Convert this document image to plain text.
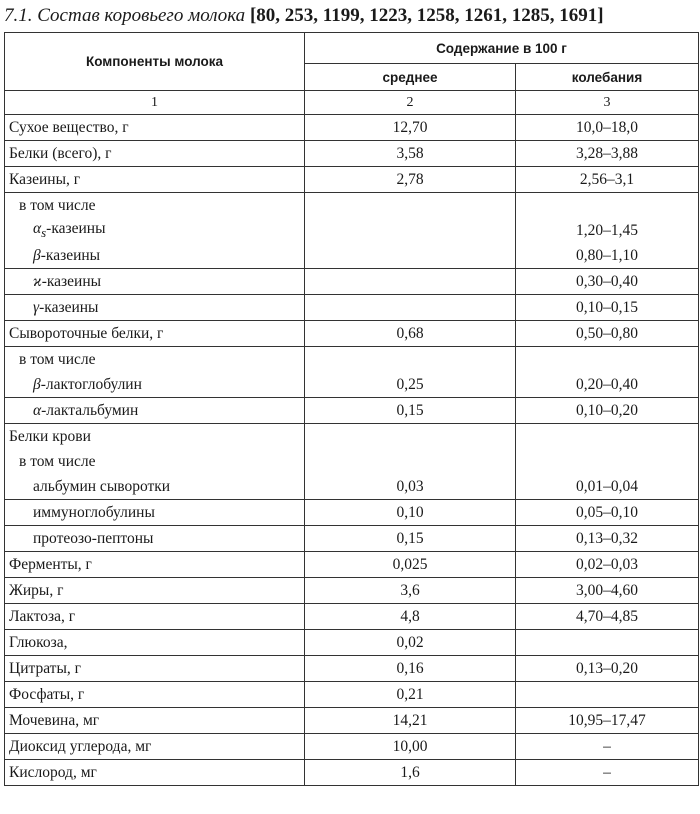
7.1. Состав коровьего молока [80, 253, 1199, 1223, 1258, 1261, 1285, 1691]
Компоненты молока	Содержание в 100 г	
	среднее	колебания
1	2	3
Сухое вещество, г	12,70	10,0–18,0
Белки (всего), г	3,58	3,28–3,88
Казеины, г	2,78	2,56–3,1
в том числе		
$\alpha_s$-казеины		1,20–1,45
β-казеины		0,80–1,10
ϰ-казеины		0,30–0,40
γ-казеины		0,10–0,15
Сывороточные белки, г	0,68	0,50–0,80
в том числе		
β-лактоглобулин	0,25	0,20–0,40
α-лактальбумин	0,15	0,10–0,20
Белки крови		
в том числе		
альбумин сыворотки	0,03	0,01–0,04
иммуноглобулины	0,10	0,05–0,10
протеозо-пептоны	0,15	0,13–0,32
Ферменты, г	0,025	0,02–0,03
Жиры, г	3,6	3,00–4,60
Лактоза, г	4,8	4,70–4,85
Глюкоза,	0,02	
Цитраты, г	0,16	0,13–0,20
Фосфаты, г	0,21	
Мочевина, мг	14,21	10,95–17,47
Диоксид углерода, мг	10,00	–
Кислород, мг	1,6	–
